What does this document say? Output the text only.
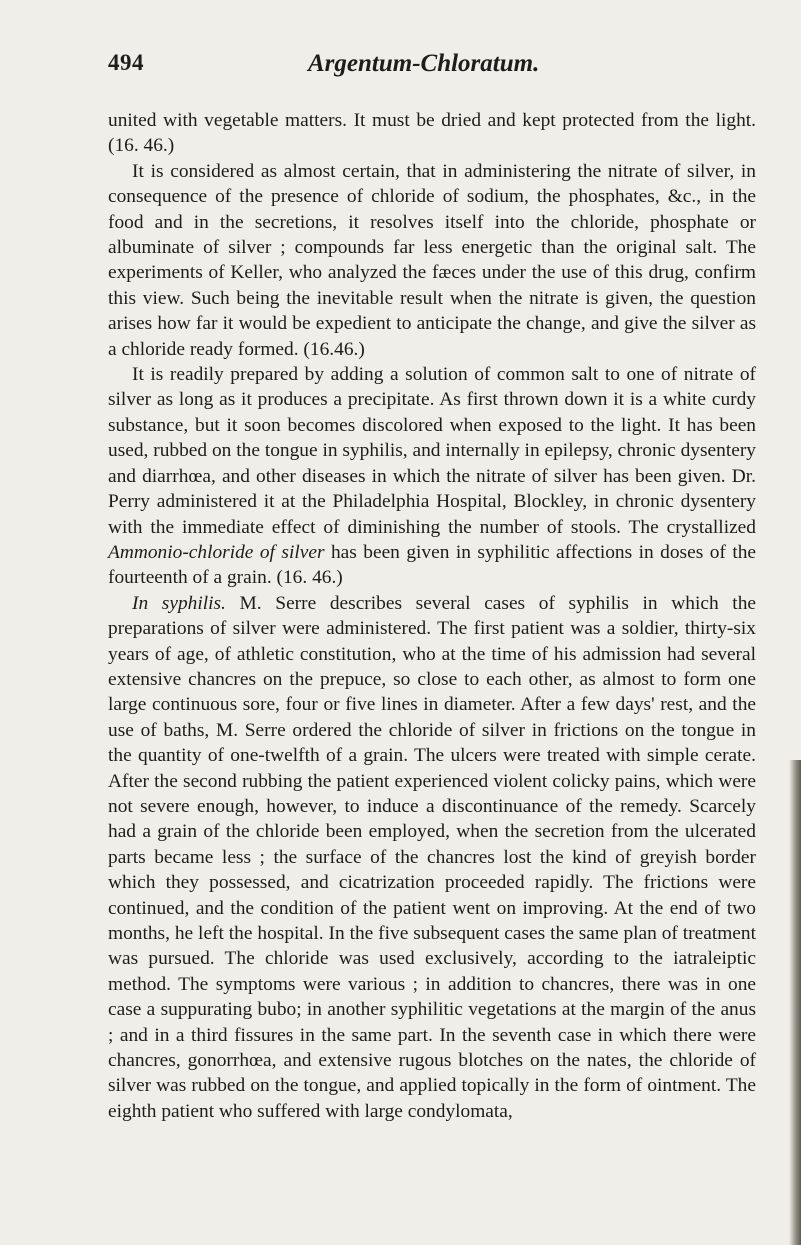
494	Argentum-Chloratum.

united with vegetable matters. It must be dried and kept protected from the light. (16. 46.)

It is considered as almost certain, that in administering the nitrate of silver, in consequence of the presence of chloride of sodium, the phosphates, &c., in the food and in the secretions, it resolves itself into the chloride, phosphate or albuminate of silver ; compounds far less energetic than the original salt. The experiments of Keller, who analyzed the fæces under the use of this drug, confirm this view. Such being the inevitable result when the nitrate is given, the question arises how far it would be expedient to anticipate the change, and give the silver as a chloride ready formed. (16.46.)

It is readily prepared by adding a solution of common salt to one of nitrate of silver as long as it produces a precipitate. As first thrown down it is a white curdy substance, but it soon becomes discolored when exposed to the light. It has been used, rubbed on the tongue in syphilis, and internally in epilepsy, chronic dysentery and diarrhœa, and other diseases in which the nitrate of silver has been given. Dr. Perry administered it at the Philadelphia Hospital, Blockley, in chronic dysentery with the immediate effect of diminishing the number of stools. The crystallized Ammonio-chloride of silver has been given in syphilitic affections in doses of the fourteenth of a grain. (16. 46.)

In syphilis. M. Serre describes several cases of syphilis in which the preparations of silver were administered. The first patient was a soldier, thirty-six years of age, of athletic constitution, who at the time of his admission had several extensive chancres on the prepuce, so close to each other, as almost to form one large continuous sore, four or five lines in diameter. After a few days' rest, and the use of baths, M. Serre ordered the chloride of silver in frictions on the tongue in the quantity of one-twelfth of a grain. The ulcers were treated with simple cerate. After the second rubbing the patient experienced violent colicky pains, which were not severe enough, however, to induce a discontinuance of the remedy. Scarcely had a grain of the chloride been employed, when the secretion from the ulcerated parts became less ; the surface of the chancres lost the kind of greyish border which they possessed, and cicatrization proceeded rapidly. The frictions were continued, and the condition of the patient went on improving. At the end of two months, he left the hospital. In the five subsequent cases the same plan of treatment was pursued. The chloride was used exclusively, according to the iatraleiptic method. The symptoms were various ; in addition to chancres, there was in one case a suppurating bubo; in another syphilitic vegetations at the margin of the anus ; and in a third fissures in the same part. In the seventh case in which there were chancres, gonorrhœa, and extensive rugous blotches on the nates, the chloride of silver was rubbed on the tongue, and applied topically in the form of ointment. The eighth patient who suffered with large condylomata,
